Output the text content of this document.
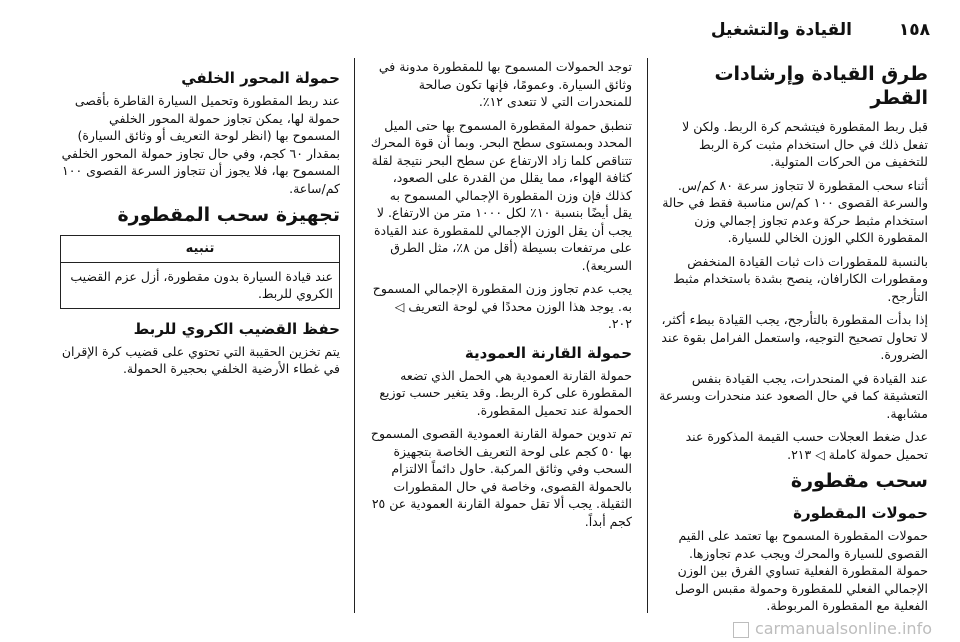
١٥٨
القيادة والتشغيل
طرق القيادة وإرشادات القطر

قبل ربط المقطورة فيتشحم كرة الربط. ولكن لا تفعل ذلك في حال استخدام مثبت كرة الربط للتخفيف من الحركات المتولية.

أثناء سحب المقطورة لا تتجاوز سرعة ٨٠ كم/س. والسرعة القصوى ١٠٠ كم/س مناسبة فقط في حالة استخدام مثبط حركة وعدم تجاوز إجمالي وزن المقطورة الكلي الوزن الخالي للسيارة.

بالنسبة للمقطورات ذات ثبات القيادة المنخفض ومقطورات الكارافان، ينصح بشدة باستخدام مثبط التأرجح.

إذا بدأت المقطورة بالتأرجح، يجب القيادة ببطء أكثر، لا تحاول تصحيح التوجيه، واستعمل الفرامل بقوة عند الضرورة.

عند القيادة في المنحدرات، يجب القيادة بنفس التعشيقة كما في حال الصعود عند منحدرات وبسرعة مشابهة.

عدل ضغط العجلات حسب القيمة المذكورة عند تحميل حمولة كاملة ◁ ٢١٣.

سحب مقطورة
حمولات المقطورة

حمولات المقطورة المسموح بها تعتمد على القيم القصوى للسيارة والمحرك ويجب عدم تجاوزها. حمولة المقطورة الفعلية تساوي الفرق بين الوزن الإجمالي الفعلي للمقطورة وحمولة مقبس الوصل الفعلية مع المقطورة المربوطة.

توجد الحمولات المسموح بها للمقطورة مدونة في وثائق السيارة. وعمومًا، فإنها تكون صالحة للمنحدرات التي لا تتعدى ١٢٪.

تنطبق حمولة المقطورة المسموح بها حتى الميل المحدد وبمستوى سطح البحر. وبما أن قوة المحرك تتناقص كلما زاد الارتفاع عن سطح البحر نتيجة لقلة كثافة الهواء، مما يقلل من القدرة على الصعود، كذلك فإن وزن المقطورة الإجمالي المسموح به يقل أيضًا بنسبة ١٠٪ لكل ١٠٠٠ متر من الارتفاع. لا يجب أن يقل الوزن الإجمالي للمقطورة عند القيادة على مرتفعات بسيطة (أقل من ٨٪، مثل الطرق السريعة).

يجب عدم تجاوز وزن المقطورة الإجمالي المسموح به. يوجد هذا الوزن محددًا في لوحة التعريف ◁ ٢٠٢.

حمولة القارنة العمودية

حمولة القارنة العمودية هي الحمل الذي تضعه المقطورة على كرة الربط. وقد يتغير حسب توزيع الحمولة عند تحميل المقطورة.

تم تدوين حمولة القارنة العمودية القصوى المسموح بها ٥٠ كجم على لوحة التعريف الخاصة بتجهيزة السحب وفي وثائق المركبة. حاول دائماً الالتزام بالحمولة القصوى، وخاصة في حال المقطورات الثقيلة. يجب ألا تقل حمولة القارنة العمودية عن ٢٥ كجم أبداً.

حمولة المحور الخلفي

عند ربط المقطورة وتحميل السيارة القاطرة بأقصى حمولة لها، يمكن تجاوز حمولة المحور الخلفي المسموح بها (انظر لوحة التعريف أو وثائق السيارة) بمقدار ٦٠ كجم، وفي حال تجاوز حمولة المحور الخلفي المسموح بها، فلا يجوز أن تتجاوز السرعة القصوى ١٠٠ كم/ساعة.

تجهيزة سحب المقطورة
تنبيه
عند قيادة السيارة بدون مقطورة، أزل عزم القضيب الكروي للربط.
حفظ القضيب الكروي للربط

يتم تخزين الحقيبة التي تحتوي على قضيب كرة الإقران في غطاء الأرضية الخلفي بحجيرة الحمولة.

carmanualsonline.info
